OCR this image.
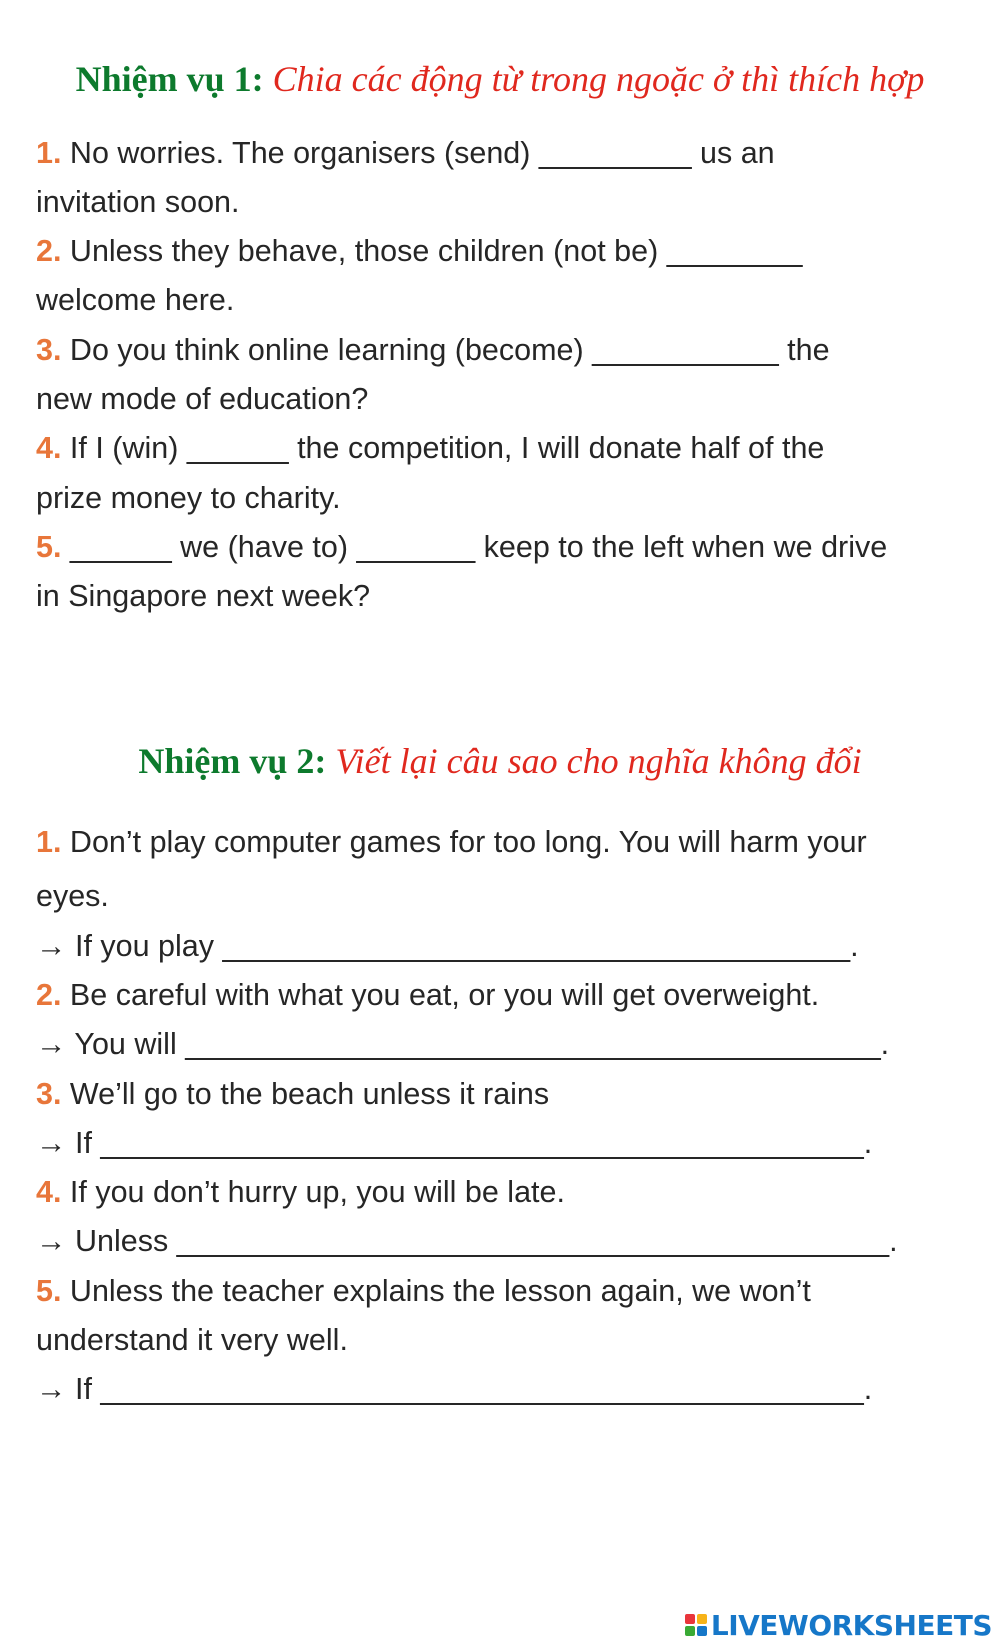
Nhiệm vụ 1: Chia các động từ trong ngoặc ở thì thích hợp
1. No worries. The organisers (send) _________ us an
invitation soon.
2. Unless they behave, those children (not be) ________
welcome here.
3. Do you think online learning (become) ___________ the
new mode of education?
4. If I (win) ______ the competition, I will donate half of the
prize money to charity.
5. ______ we (have to) _______ keep to the left when we drive
in Singapore next week?
Nhiệm vụ 2: Viết lại câu sao cho nghĩa không đổi
1. Don’t play computer games for too long. You will harm your
eyes.
→ If you play _____________________________________.
2. Be careful with what you eat, or you will get overweight.
→ You will _________________________________________.
3. We’ll go to the beach unless it rains
→ If _____________________________________________.
4. If you don’t hurry up, you will be late.
→ Unless __________________________________________.
5. Unless the teacher explains the lesson again, we won’t
understand it very well.
→ If _____________________________________________.
LIVEWORKSHEETS
